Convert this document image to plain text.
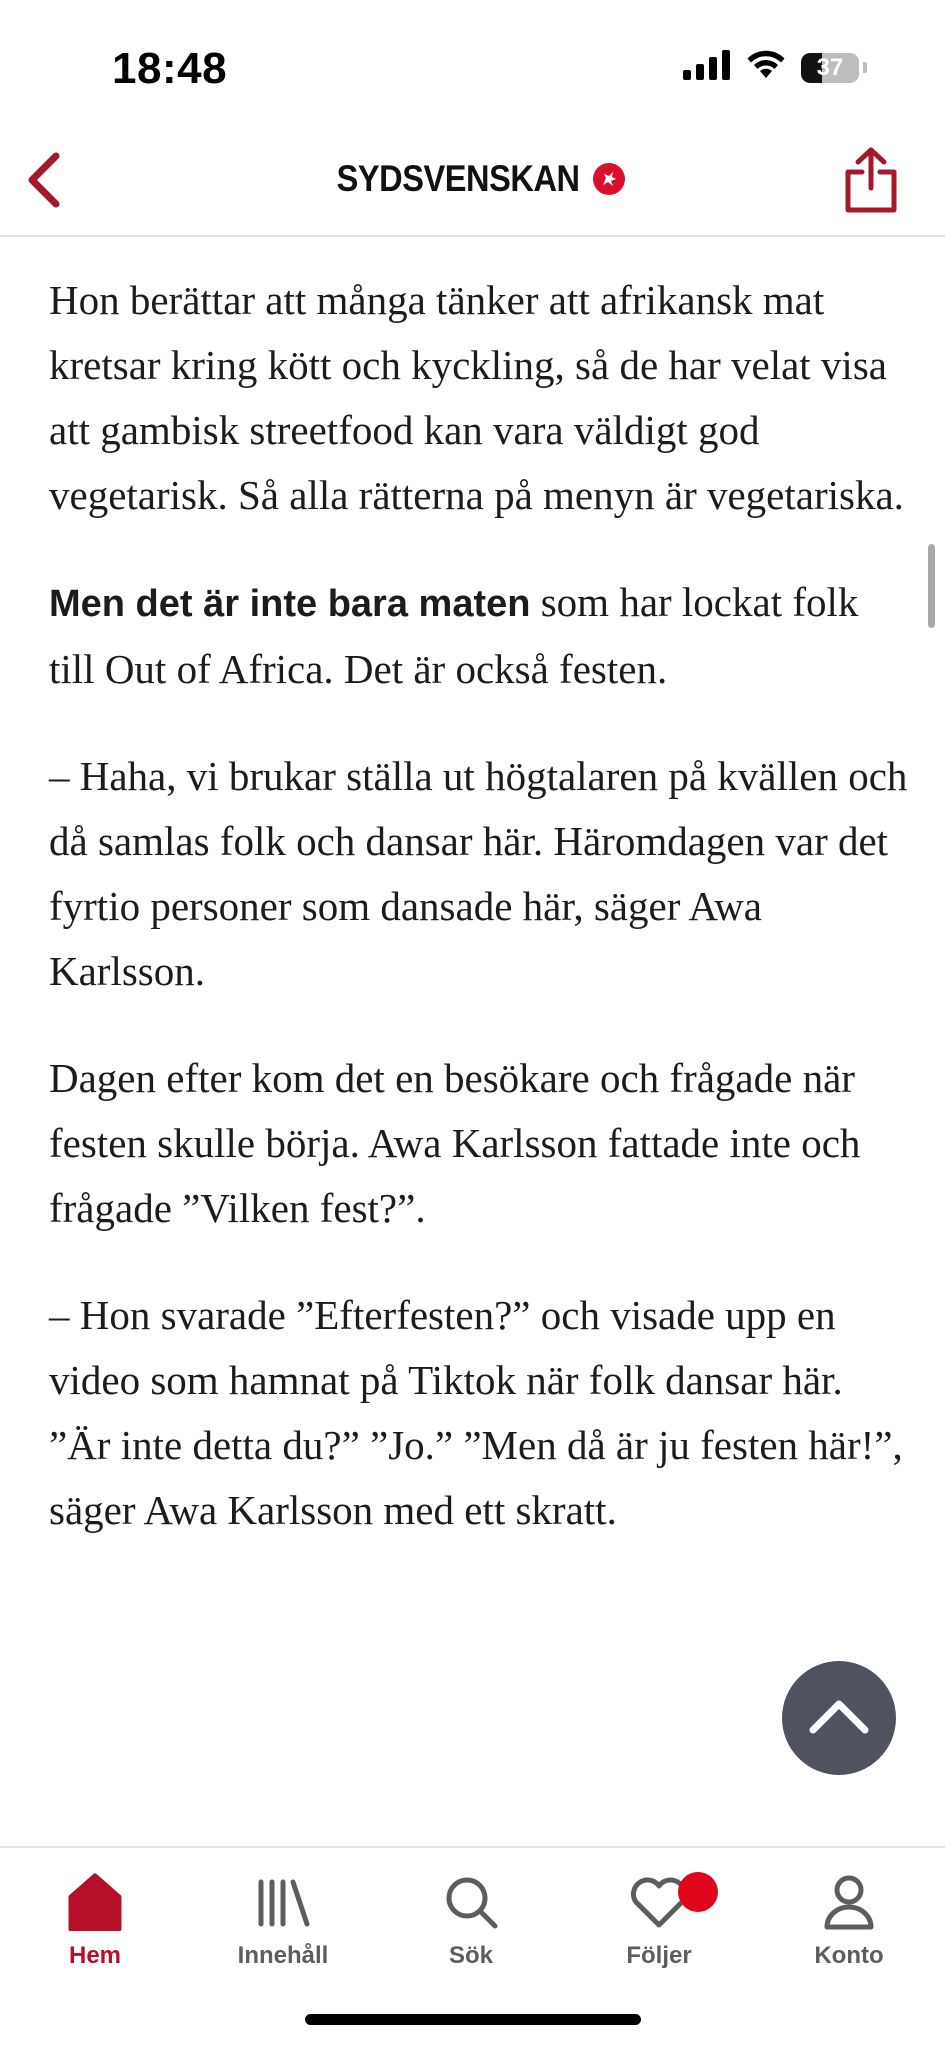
18:48	37
SYDSVENSKAN

Hon berättar att många tänker att afrikansk mat kretsar kring kött och kyckling, så de har velat visa att gambisk streetfood kan vara väldigt god vegetarisk. Så alla rätterna på menyn är vegetariska.

Men det är inte bara maten som har lockat folk till Out of Africa. Det är också festen.

– Haha, vi brukar ställa ut högtalaren på kvällen och då samlas folk och dansar här. Häromdagen var det fyrtio personer som dansade här, säger Awa Karlsson.

Dagen efter kom det en besökare och frågade när festen skulle börja. Awa Karlsson fattade inte och frågade ”Vilken fest?”.

– Hon svarade ”Efterfesten?” och visade upp en video som hamnat på Tiktok när folk dansar här. ”Är inte detta du?” ”Jo.” ”Men då är ju festen här!”, säger Awa Karlsson med ett skratt.

Hem	Innehåll	Sök	Följer	Konto
